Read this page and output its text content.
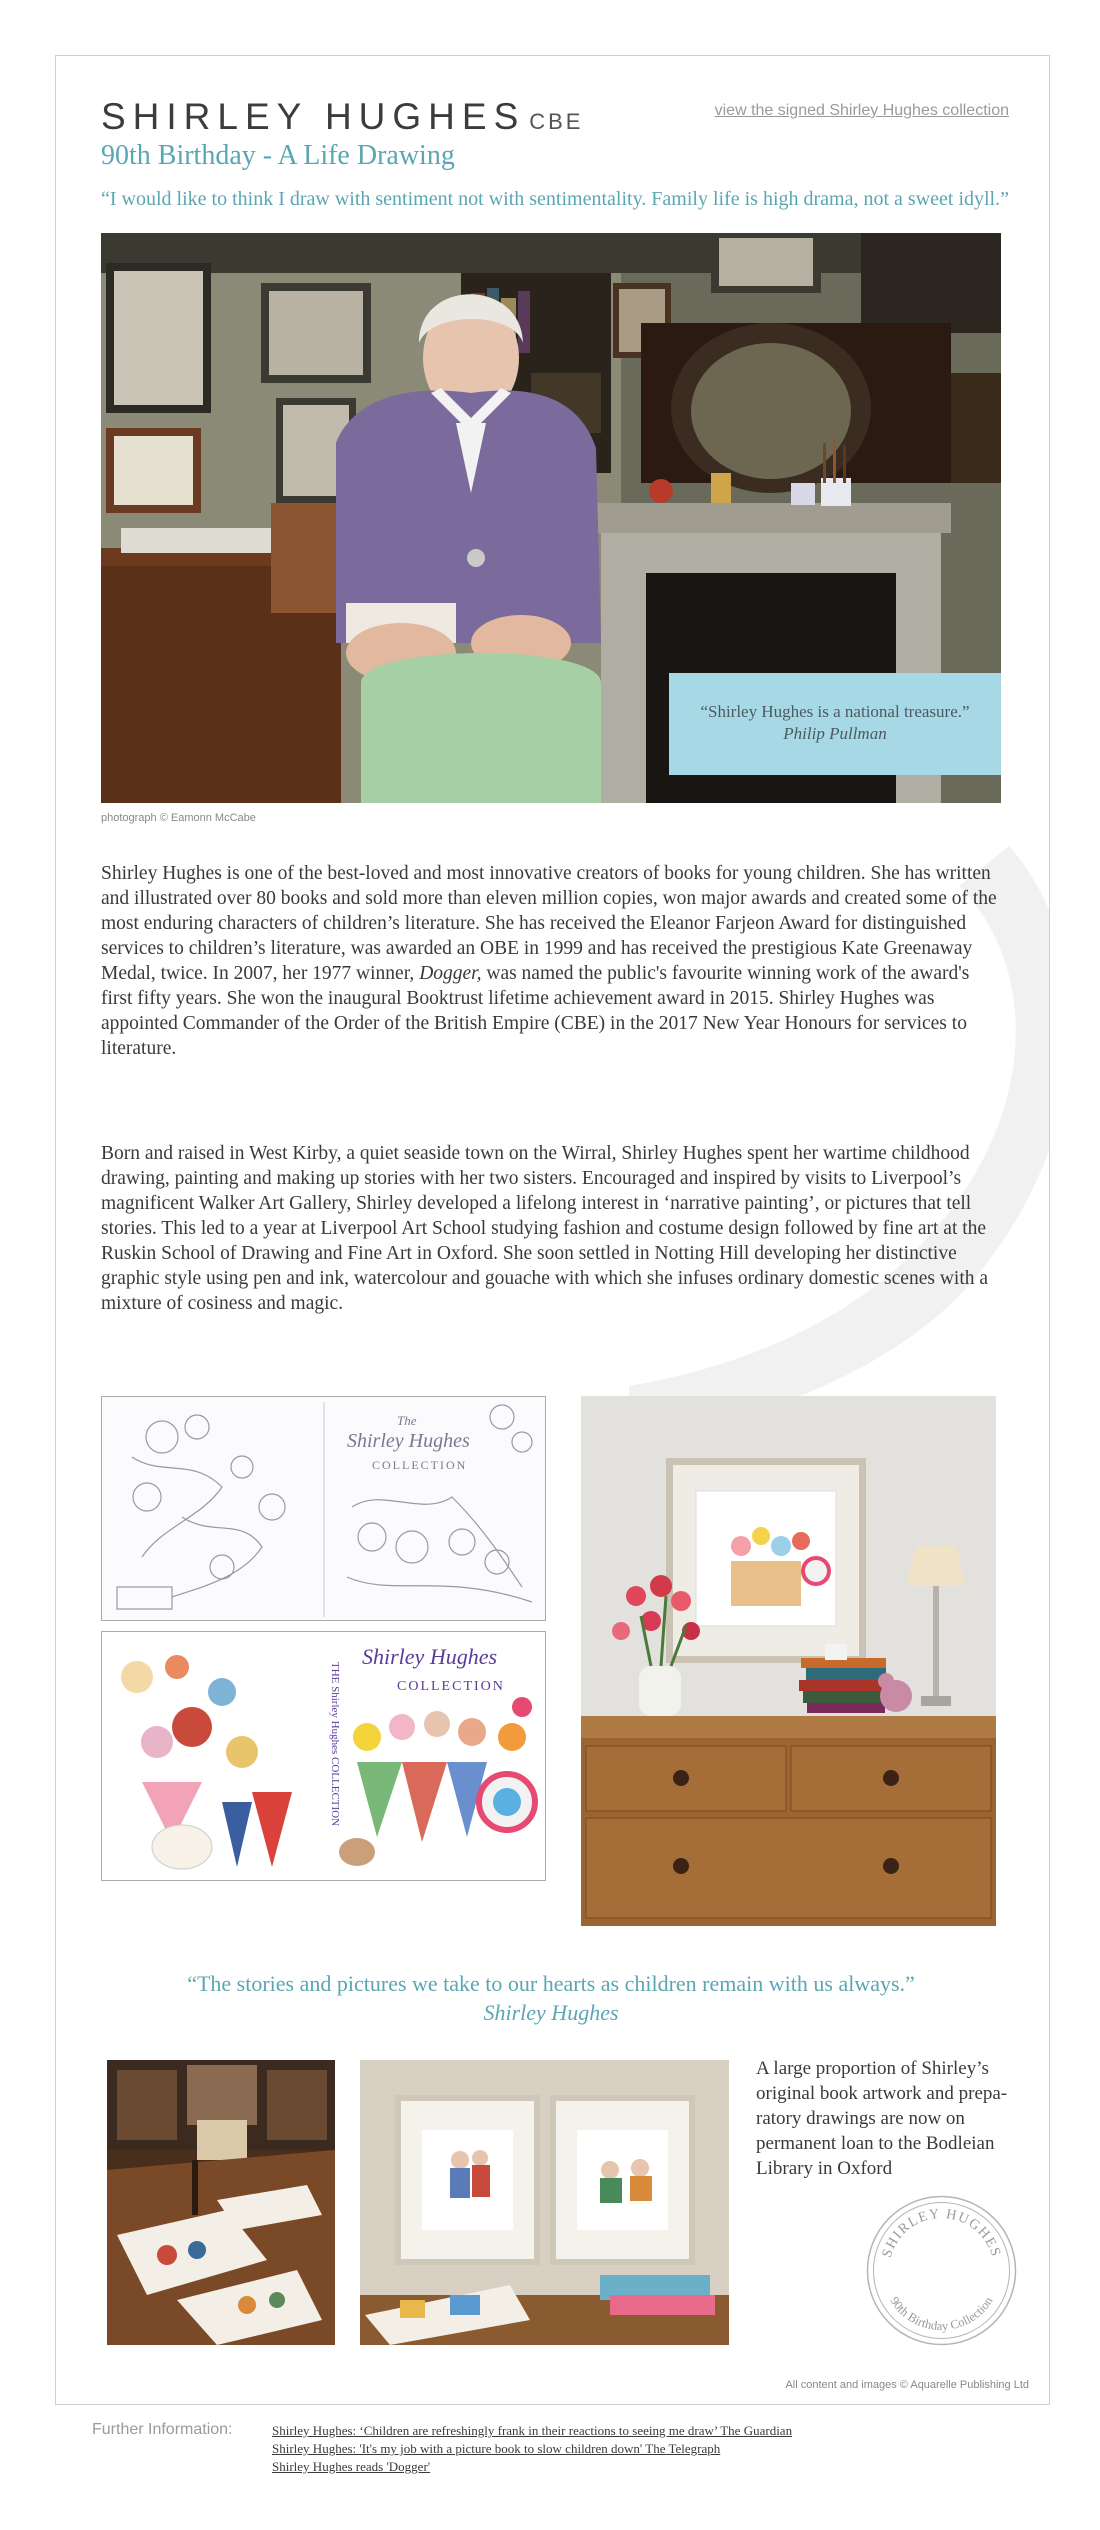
SHIRLEY HUGHES CBE
90th Birthday - A Life Drawing
view the signed Shirley Hughes collection
“I would like to think I draw with sentiment not with sentimentality. Family life is high drama, not a sweet idyll.”
“Shirley Hughes is a national treasure.”
Philip Pullman
photograph © Eamonn McCabe

Shirley Hughes is one of the best-loved and most innovative creators of books for young children. She has written and illustrated over 80 books and sold more than eleven million copies, won major awards and created some of the most enduring characters of children’s literature. She has received the Eleanor Farjeon Award for distinguished services to children’s literature, was awarded an OBE in 1999 and has received the prestigious Kate Greenaway Medal, twice. In 2007, her 1977 winner, Dogger, was named the public's favourite winning work of the award's first fifty years. She won the inaugural Booktrust lifetime achievement award in 2015. Shirley Hughes was appointed Commander of the Order of the British Empire (CBE) in the 2017 New Year Honours for services to literature.

Born and raised in West Kirby, a quiet seaside town on the Wirral, Shirley Hughes spent her wartime childhood drawing, painting and making up stories with her two sisters. Encouraged and inspired by visits to Liverpool’s magnificent Walker Art Gallery, Shirley developed a lifelong interest in ‘narrative painting’, or pictures that tell stories. This led to a year at Liverpool Art School studying fashion and costume design followed by fine art at the Ruskin School of Drawing and Fine Art in Oxford. She soon settled in Notting Hill developing her distinctive graphic style using pen and ink, watercolour and gouache with which she infuses ordinary domestic scenes with a mixture of cosiness and magic.

The
Shirley Hughes
COLLECTION
THE Shirley Hughes COLLECTION
Shirley Hughes
COLLECTION
“The stories and pictures we take to our hearts as children remain with us always.”
Shirley Hughes

A large proportion of Shirley’s original book artwork and prepa-ratory drawings are now on permanent loan to the Bodleian Library in Oxford

SHIRLEY HUGHES
90th Birthday Collection
All content and images © Aquarelle Publishing Ltd
Further Information:	Shirley Hughes: ‘Children are refreshingly frank in their reactions to seeing me draw’ The Guardian
Shirley Hughes: 'It's my job with a picture book to slow children down' The Telegraph
Shirley Hughes reads 'Dogger'
